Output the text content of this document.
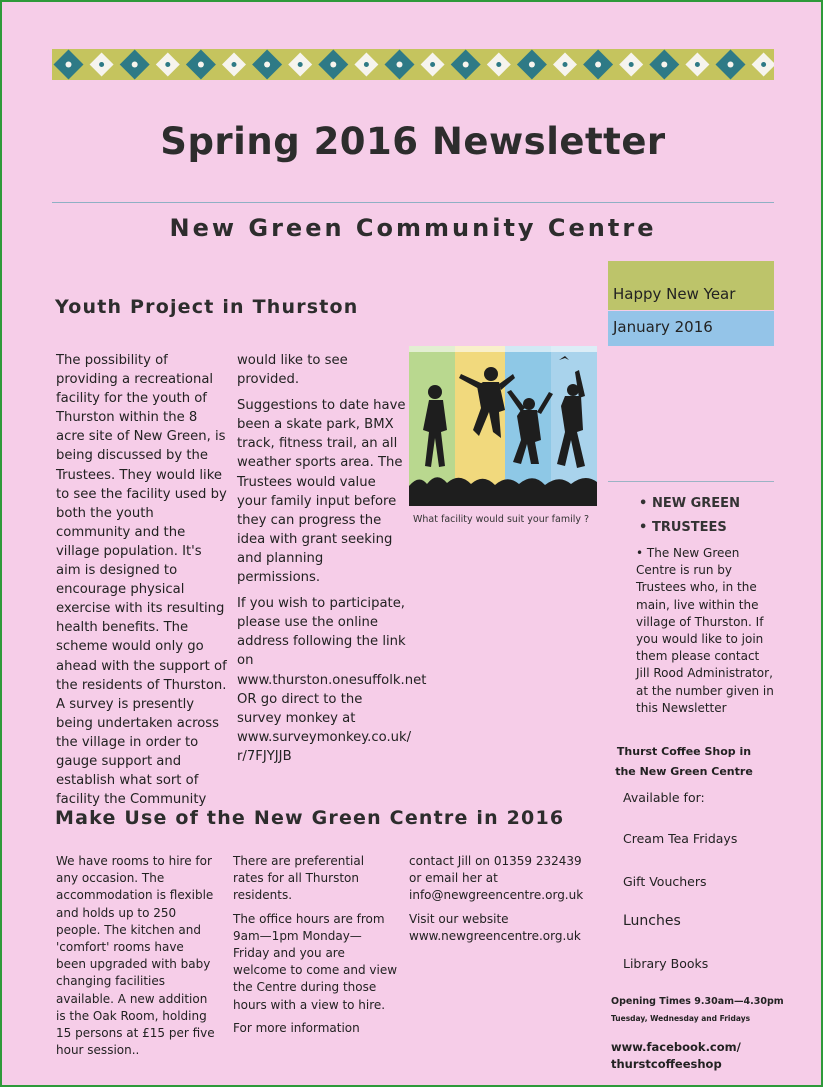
Spring 2016 Newsletter
New Green Community Centre
Happy New Year
January 2016
Youth Project in Thurston

The possibility of providing a recreational facility for the youth of Thurston within the 8 acre site of New Green, is being discussed by the Trustees. They would like to see the facility used by both the youth community and the village population. It's aim is designed to encourage physical exercise with its resulting health benefits. The scheme would only go ahead with the support of the residents of Thurston. A survey is presently being undertaken across the village in order to gauge support and establish what sort of facility the Community

would like to see provided.

Suggestions to date have been a skate park, BMX track, fitness trail, an all weather sports area. The Trustees would value your family input before they can progress the idea with grant seeking and planning permissions.

If you wish to participate, please use the online address following the link on www.thurston.onesuffolk.net OR go direct to the survey monkey at www.surveymonkey.co.uk/ r/7FJYJJB

What facility would suit your family ?
• NEW GREEN
• TRUSTEES
• The New Green Centre is run by Trustees who, in the main, live within the village of Thurston. If you would like to join them please contact Jill Rood Administrator, at the number given in this Newsletter
Thurst Coffee Shop in the New Green Centre
Available for:
Cream Tea Fridays
Gift Vouchers
Lunches
Library Books
Opening Times 9.30am—4.30pm
Tuesday, Wednesday and Fridays
www.facebook.com/ thurstcoffeeshop
Make Use of the New Green Centre in 2016

We have rooms to hire for any occasion. The accommodation is flexible and holds up to 250 people. The kitchen and 'comfort' rooms have been upgraded with baby changing facilities available. A new addition is the Oak Room, holding 15 persons at £15 per five hour session..

There are preferential rates for all Thurston residents.

The office hours are from 9am—1pm Monday—Friday and you are welcome to come and view the Centre during those hours with a view to hire.

For more information

contact Jill on 01359 232439 or email her at info@newgreencentre.org.uk

Visit our website www.newgreencentre.org.uk
